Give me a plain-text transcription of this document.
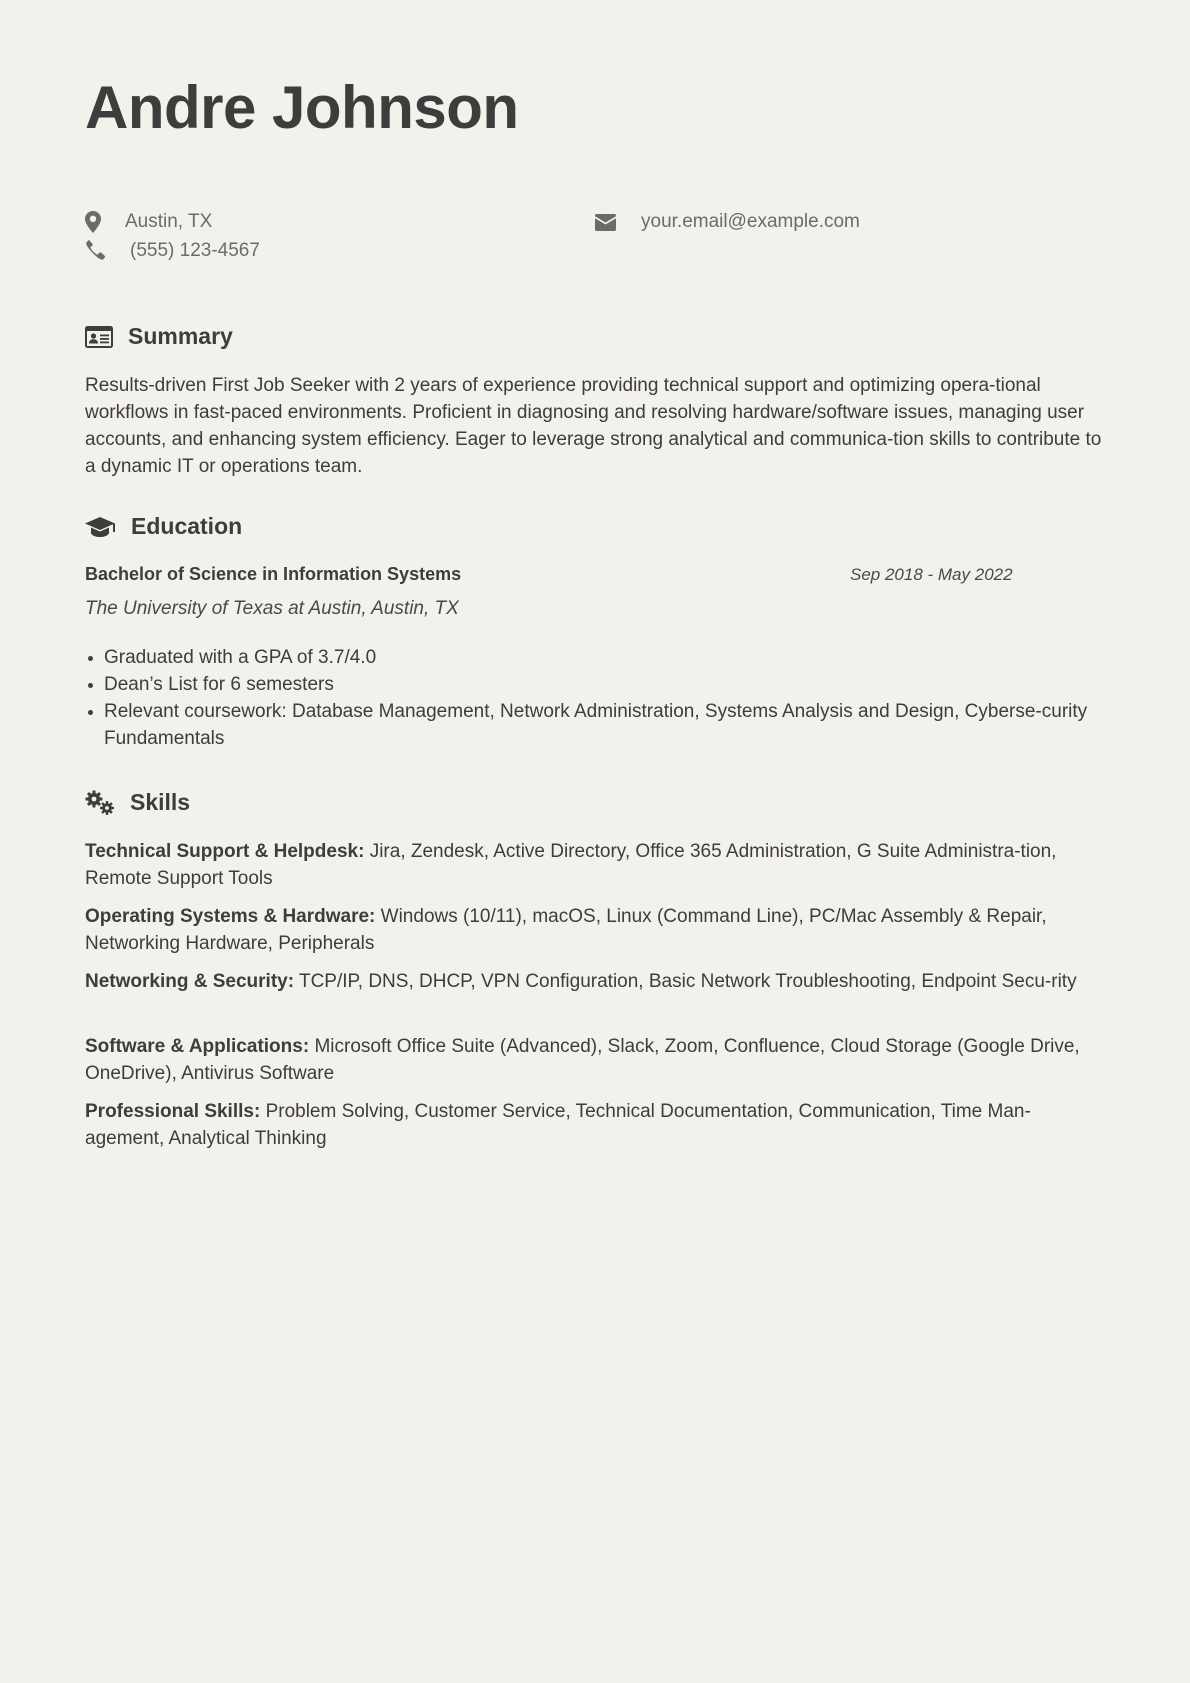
Andre Johnson
Austin, TX
(555) 123-4567
your.email@example.com
Summary

Results-driven First Job Seeker with 2 years of experience providing technical support and optimizing opera-tional workflows in fast-paced environments. Proficient in diagnosing and resolving hardware/software issues, managing user accounts, and enhancing system efficiency. Eager to leverage strong analytical and communica-tion skills to contribute to a dynamic IT or operations team.

Education

Bachelor of Science in Information Systems	Sep 2018 - May 2022
The University of Texas at Austin, Austin, TX
Graduated with a GPA of 3.7/4.0
Dean’s List for 6 semesters
Relevant coursework: Database Management, Network Administration, Systems Analysis and Design, Cyberse-curity Fundamentals
Skills

Technical Support & Helpdesk: Jira, Zendesk, Active Directory, Office 365 Administration, G Suite Administra-tion, Remote Support Tools

Operating Systems & Hardware: Windows (10/11), macOS, Linux (Command Line), PC/Mac Assembly & Repair, Networking Hardware, Peripherals

Networking & Security: TCP/IP, DNS, DHCP, VPN Configuration, Basic Network Troubleshooting, Endpoint Secu-rity

Software & Applications: Microsoft Office Suite (Advanced), Slack, Zoom, Confluence, Cloud Storage (Google Drive, OneDrive), Antivirus Software

Professional Skills: Problem Solving, Customer Service, Technical Documentation, Communication, Time Man-agement, Analytical Thinking
